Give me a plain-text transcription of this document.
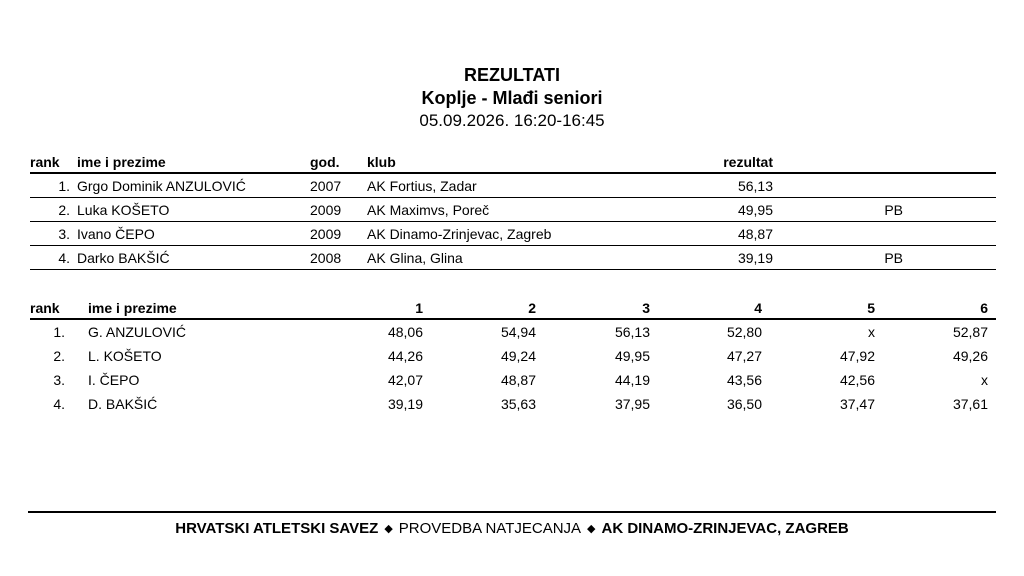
REZULTATI
Koplje - Mlađi seniori
05.09.2026. 16:20-16:45
rank	ime i prezime	god.	klub	rezultat
1. Grgo Dominik ANZULOVIĆ	2007	AK Fortius, Zadar	56,13
2. Luka KOŠETO	2009	AK Maximvs, Poreč	49,95	PB
3. Ivano ČEPO	2009	AK Dinamo-Zrinjevac, Zagreb	48,87
4. Darko BAKŠIĆ	2008	AK Glina, Glina	39,19	PB
rank	ime i prezime	1	2	3	4	5	6
1.	G. ANZULOVIĆ	48,06	54,94	56,13	52,80	x	52,87
2.	L. KOŠETO	44,26	49,24	49,95	47,27	47,92	49,26
3.	I. ČEPO	42,07	48,87	44,19	43,56	42,56	x
4.	D. BAKŠIĆ	39,19	35,63	37,95	36,50	37,47	37,61
HRVATSKI ATLETSKI SAVEZ ◆ PROVEDBA NATJECANJA ◆ AK DINAMO-ZRINJEVAC, ZAGREB
